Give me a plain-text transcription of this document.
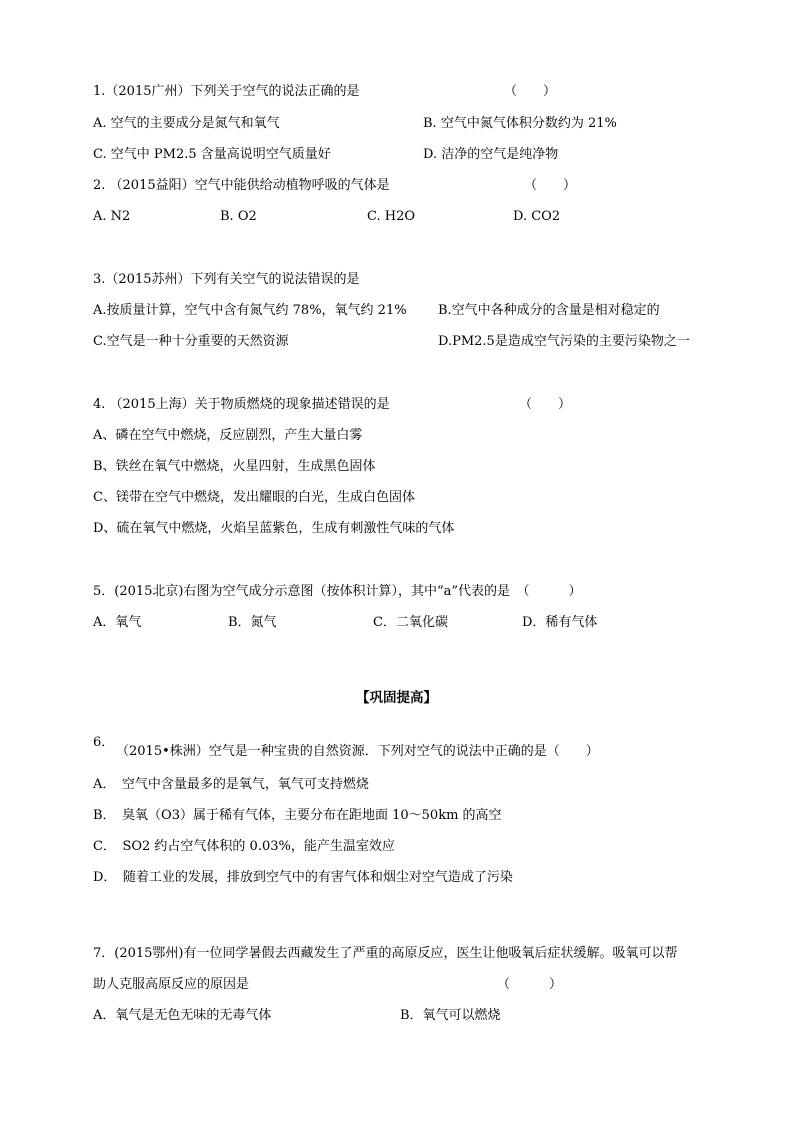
1.（2015广州）下列关于空气的说法正确的是	（　　）
A. 空气的主要成分是氮气和氧气	B. 空气中氮气体积分数约为 21%
C. 空气中 PM2.5 含量高说明空气质量好	D. 洁净的空气是纯净物
2. （2015益阳）空气中能供给动植物呼吸的气体是	（　　）
A. N2	B. O2	C. H2O	D. CO2
3.（2015苏州）下列有关空气的说法错误的是
A.按质量计算，空气中含有氮气约 78%，氧气约 21% B.空气中各种成分的含量是相对稳定的
C.空气是一种十分重要的天然资源	D.PM2.5是造成空气污染的主要污染物之一
4. （2015上海）关于物质燃烧的现象描述错误的是	（　　）
A、磷在空气中燃烧，反应剧烈，产生大量白雾
B、铁丝在氧气中燃烧，火星四射，生成黑色固体
C、镁带在空气中燃烧，发出耀眼的白光，生成白色固体
D、硫在氧气中燃烧，火焰呈蓝紫色，生成有刺激性气味的气体
5．(2015北京)右图为空气成分示意图（按体积计算），其中“a”代表的是　（　　　）
A．氧气	B．氮气	C．二氧化碳	D．稀有气体
【巩固提高】
6．
（2015•株洲）空气是一种宝贵的自然资源．下列对空气的说法中正确的是（　　）
A．　空气中含量最多的是氧气，氧气可支持燃烧
B．　臭氧（O3）属于稀有气体，主要分布在距地面 10～50km 的高空
C．　SO2 约占空气体积的 0.03%，能产生温室效应
D．　随着工业的发展，排放到空气中的有害气体和烟尘对空气造成了污染
7．(2015鄂州)有一位同学暑假去西藏发生了严重的高原反应，医生让他吸氧后症状缓解。吸氧可以帮
助人克服高原反应的原因是	（　　　）
A．氧气是无色无味的无毒气体	B．氧气可以燃烧
